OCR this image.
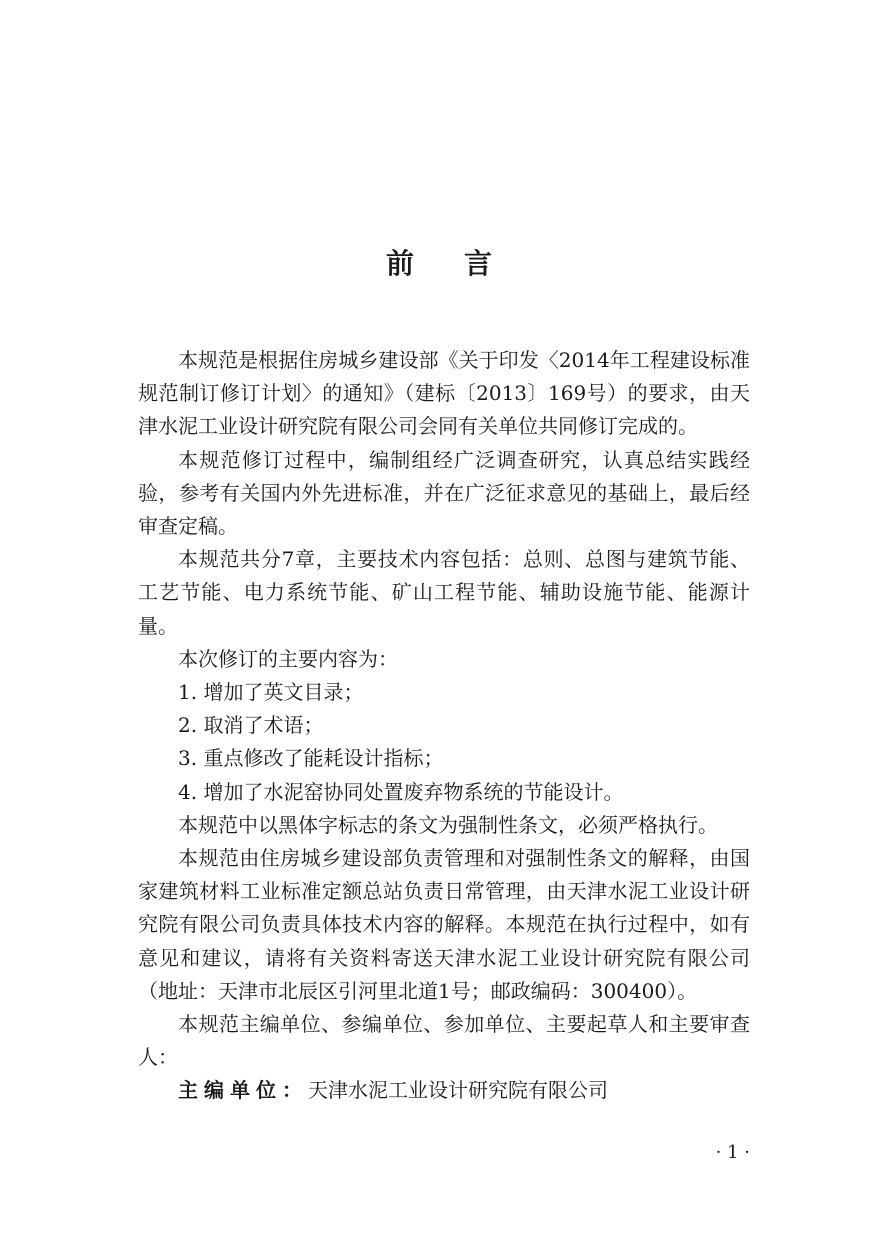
前言

本规范是根据住房城乡建设部《关于印发〈2014年工程建设标准规范制订修订计划〉的通知》（建标〔2013〕169号）的要求，由天津水泥工业设计研究院有限公司会同有关单位共同修订完成的。

本规范修订过程中，编制组经广泛调查研究，认真总结实践经验，参考有关国内外先进标准，并在广泛征求意见的基础上，最后经审查定稿。

本规范共分7章，主要技术内容包括：总则、总图与建筑节能、工艺节能、电力系统节能、矿山工程节能、辅助设施节能、能源计量。

本次修订的主要内容为：

1. 增加了英文目录；

2. 取消了术语；

3. 重点修改了能耗设计指标；

4. 增加了水泥窑协同处置废弃物系统的节能设计。

本规范中以黑体字标志的条文为强制性条文，必须严格执行。

本规范由住房城乡建设部负责管理和对强制性条文的解释，由国家建筑材料工业标准定额总站负责日常管理，由天津水泥工业设计研究院有限公司负责具体技术内容的解释。本规范在执行过程中，如有意见和建议，请将有关资料寄送天津水泥工业设计研究院有限公司（地址：天津市北辰区引河里北道1号；邮政编码：300400）。

本规范主编单位、参编单位、参加单位、主要起草人和主要审查人：

主编单位：天津水泥工业设计研究院有限公司

· 1 ·
